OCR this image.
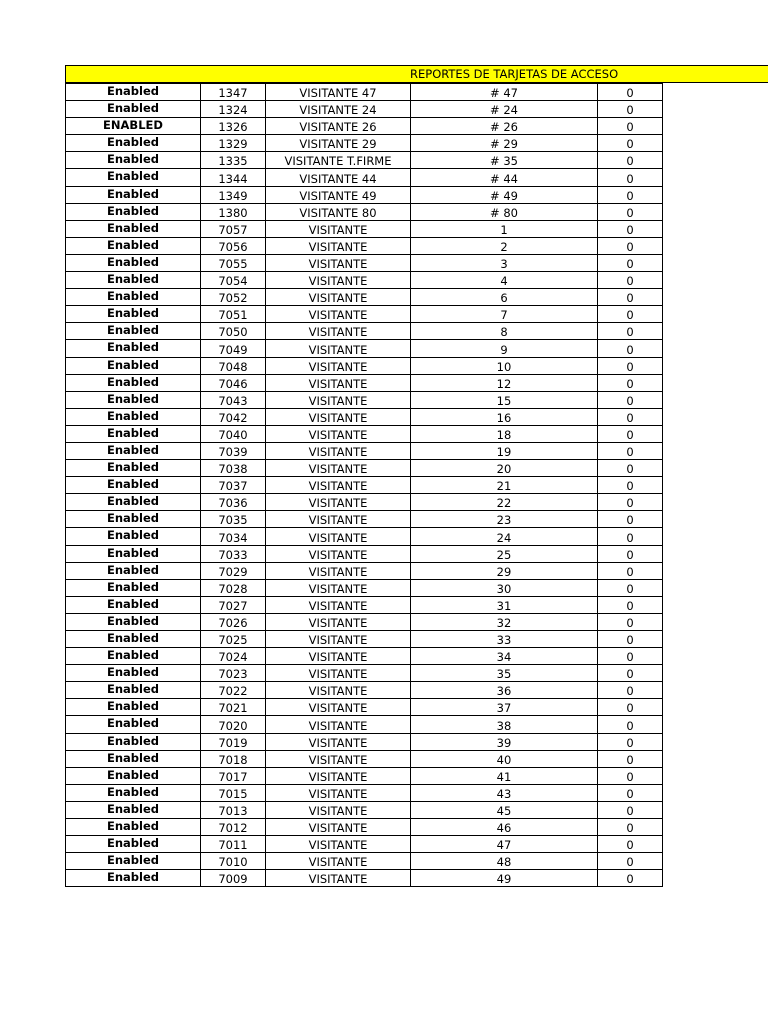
REPORTES DE TARJETAS DE ACCESO
Enabled	1347	VISITANTE 47	# 47	0
Enabled	1324	VISITANTE 24	# 24	0
ENABLED	1326	VISITANTE 26	# 26	0
Enabled	1329	VISITANTE 29	# 29	0
Enabled	1335	VISITANTE T.FIRME	# 35	0
Enabled	1344	VISITANTE 44	# 44	0
Enabled	1349	VISITANTE 49	# 49	0
Enabled	1380	VISITANTE 80	# 80	0
Enabled	7057	VISITANTE	1	0
Enabled	7056	VISITANTE	2	0
Enabled	7055	VISITANTE	3	0
Enabled	7054	VISITANTE	4	0
Enabled	7052	VISITANTE	6	0
Enabled	7051	VISITANTE	7	0
Enabled	7050	VISITANTE	8	0
Enabled	7049	VISITANTE	9	0
Enabled	7048	VISITANTE	10	0
Enabled	7046	VISITANTE	12	0
Enabled	7043	VISITANTE	15	0
Enabled	7042	VISITANTE	16	0
Enabled	7040	VISITANTE	18	0
Enabled	7039	VISITANTE	19	0
Enabled	7038	VISITANTE	20	0
Enabled	7037	VISITANTE	21	0
Enabled	7036	VISITANTE	22	0
Enabled	7035	VISITANTE	23	0
Enabled	7034	VISITANTE	24	0
Enabled	7033	VISITANTE	25	0
Enabled	7029	VISITANTE	29	0
Enabled	7028	VISITANTE	30	0
Enabled	7027	VISITANTE	31	0
Enabled	7026	VISITANTE	32	0
Enabled	7025	VISITANTE	33	0
Enabled	7024	VISITANTE	34	0
Enabled	7023	VISITANTE	35	0
Enabled	7022	VISITANTE	36	0
Enabled	7021	VISITANTE	37	0
Enabled	7020	VISITANTE	38	0
Enabled	7019	VISITANTE	39	0
Enabled	7018	VISITANTE	40	0
Enabled	7017	VISITANTE	41	0
Enabled	7015	VISITANTE	43	0
Enabled	7013	VISITANTE	45	0
Enabled	7012	VISITANTE	46	0
Enabled	7011	VISITANTE	47	0
Enabled	7010	VISITANTE	48	0
Enabled	7009	VISITANTE	49	0
